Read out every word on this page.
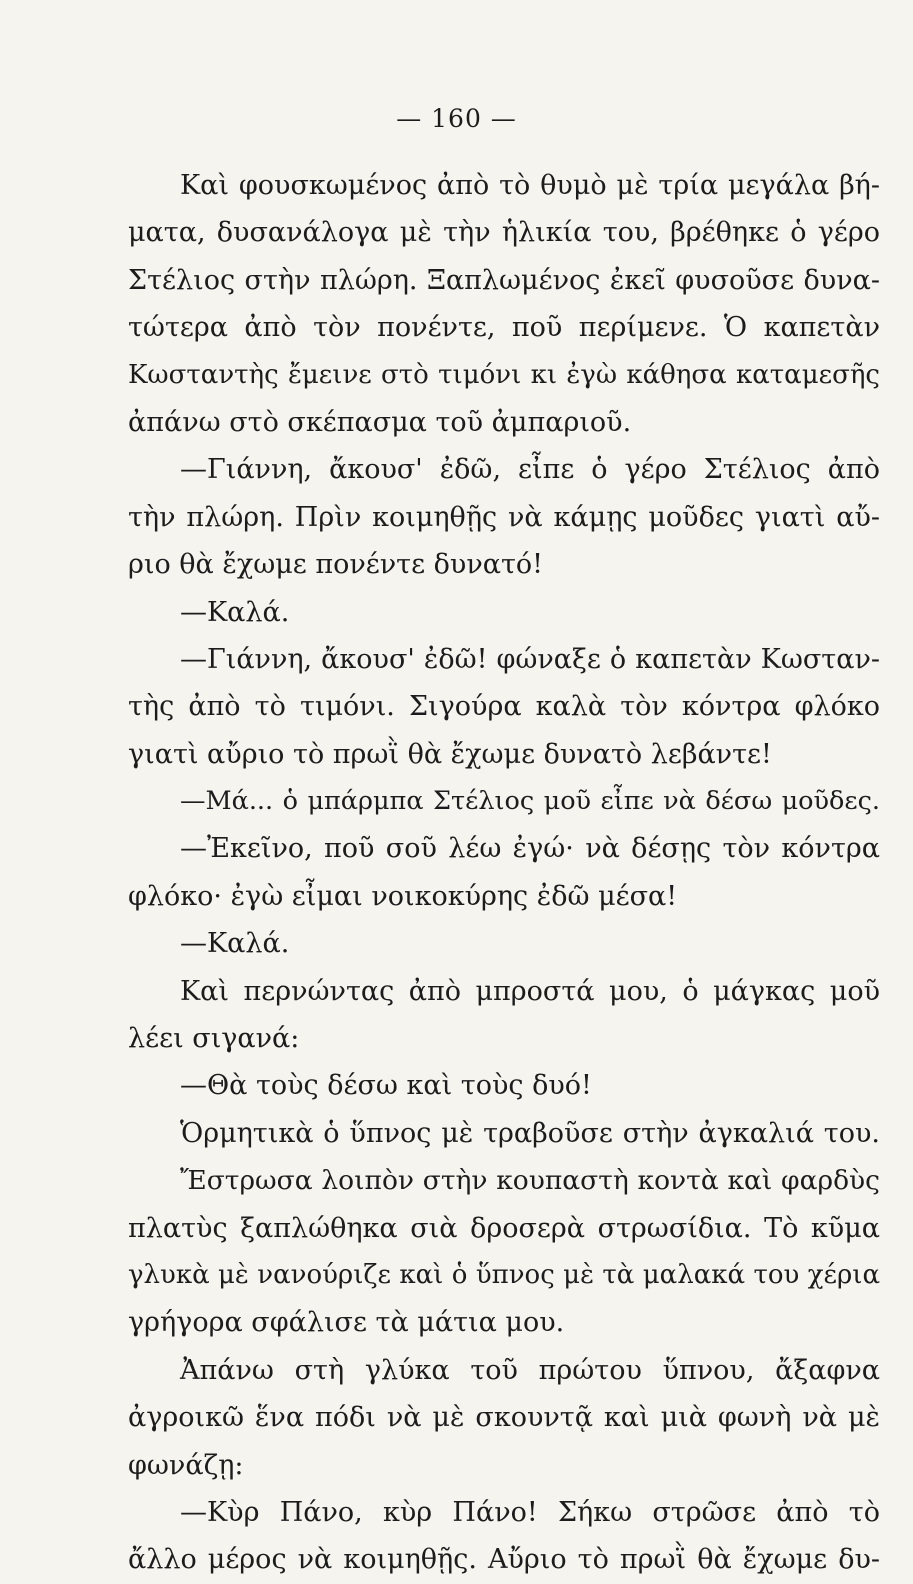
— 160 —
Καὶ φουσκωμένος ἀπὸ τὸ θυμὸ μὲ τρία μεγάλα βή-
ματα, δυσανάλογα μὲ τὴν ἡλικία του, βρέθηκε ὁ γέρο
Στέλιος στὴν πλώρη. Ξαπλωμένος ἐκεῖ φυσοῦσε δυνα-
τώτερα ἀπὸ τὸν πονέντε, ποῦ περίμενε. Ὁ καπετὰν
Κωσταντὴς ἔμεινε στὸ τιμόνι κι ἐγὼ κάθησα καταμεσῆς
ἀπάνω στὸ σκέπασμα τοῦ ἀμπαριοῦ.
—Γιάννη, ἄκουσ' ἐδῶ, εἶπε ὁ γέρο Στέλιος ἀπὸ
τὴν πλώρη. Πρὶν κοιμηθῇς νὰ κάμῃς μοῦδες γιατὶ αὔ-
ριο θὰ ἔχωμε πονέντε δυνατό!
—Καλά.
—Γιάννη, ἄκουσ' ἐδῶ! φώναξε ὁ καπετὰν Κωσταν-
τὴς ἀπὸ τὸ τιμόνι. Σιγούρα καλὰ τὸν κόντρα φλόκο
γιατὶ αὔριο τὸ πρωῒ θὰ ἔχωμε δυνατὸ λεβάντε!
—Μά... ὁ μπάρμπα Στέλιος μοῦ εἶπε νὰ δέσω μοῦδες.
—Ἐκεῖνο, ποῦ σοῦ λέω ἐγώ· νὰ δέσῃς τὸν κόντρα
φλόκο· ἐγὼ εἶμαι νοικοκύρης ἐδῶ μέσα!
—Καλά.
Καὶ περνώντας ἀπὸ μπροστά μου, ὁ μάγκας μοῦ
λέει σιγανά:
—Θὰ τοὺς δέσω καὶ τοὺς δυό!
Ὁρμητικὰ ὁ ὕπνος μὲ τραβοῦσε στὴν ἀγκαλιά του.
Ἔστρωσα λοιπὸν στὴν κουπαστὴ κοντὰ καὶ φαρδὺς
πλατὺς ξαπλώθηκα σιὰ δροσερὰ στρωσίδια. Τὸ κῦμα
γλυκὰ μὲ νανούριζε καὶ ὁ ὕπνος μὲ τὰ μαλακά του χέρια
γρήγορα σφάλισε τὰ μάτια μου.
Ἀπάνω στὴ γλύκα τοῦ πρώτου ὕπνου, ἄξαφνα
ἀγροικῶ ἕνα πόδι νὰ μὲ σκουντᾷ καὶ μιὰ φωνὴ νὰ μὲ
φωνάζῃ:
—Κὺρ Πάνο, κὺρ Πάνο! Σήκω στρῶσε ἀπὸ τὸ
ἄλλο μέρος νὰ κοιμηθῇς. Αὔριο τὸ πρωῒ θὰ ἔχωμε δυ-
